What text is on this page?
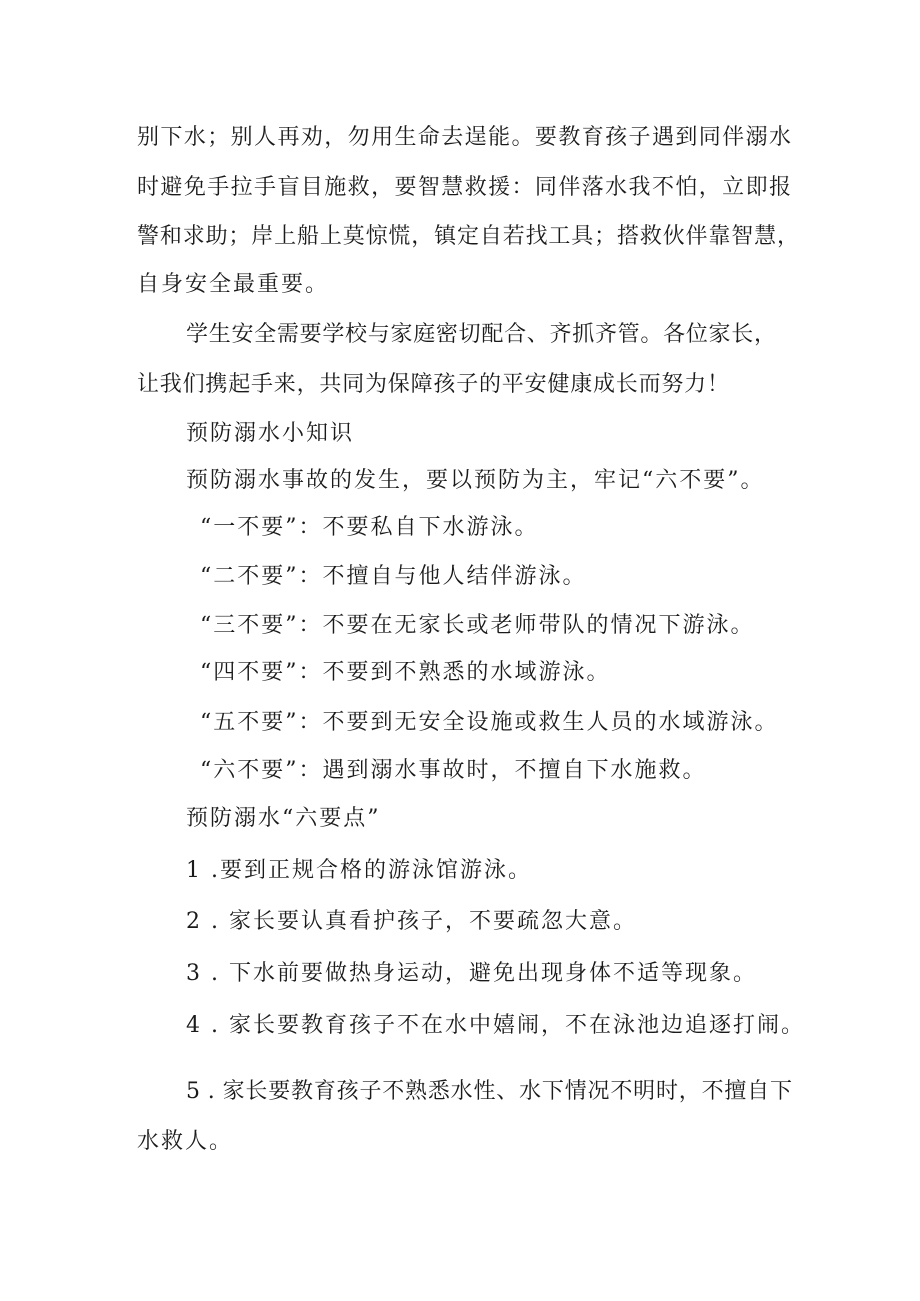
别下水；别人再劝，勿用生命去逞能。要教育孩子遇到同伴溺水
时避免手拉手盲目施救，要智慧救援：同伴落水我不怕，立即报
警和求助；岸上船上莫惊慌，镇定自若找工具；搭救伙伴靠智慧，
自身安全最重要。
学生安全需要学校与家庭密切配合、齐抓齐管。各位家长，
让我们携起手来，共同为保障孩子的平安健康成长而努力！
预防溺水小知识
预防溺水事故的发生，要以预防为主，牢记“六不要”。
“一不要”：不要私自下水游泳。
“二不要”：不擅自与他人结伴游泳。
“三不要”：不要在无家长或老师带队的情况下游泳。
“四不要”：不要到不熟悉的水域游泳。
“五不要”：不要到无安全设施或救生人员的水域游泳。
“六不要”：遇到溺水事故时，不擅自下水施救。
预防溺水“六要点”
1 .要到正规合格的游泳馆游泳。
2 . 家长要认真看护孩子，不要疏忽大意。
3 . 下水前要做热身运动，避免出现身体不适等现象。
4 . 家长要教育孩子不在水中嬉闹，不在泳池边追逐打闹。
5 . 家长要教育孩子不熟悉水性、水下情况不明时，不擅自下
水救人。
